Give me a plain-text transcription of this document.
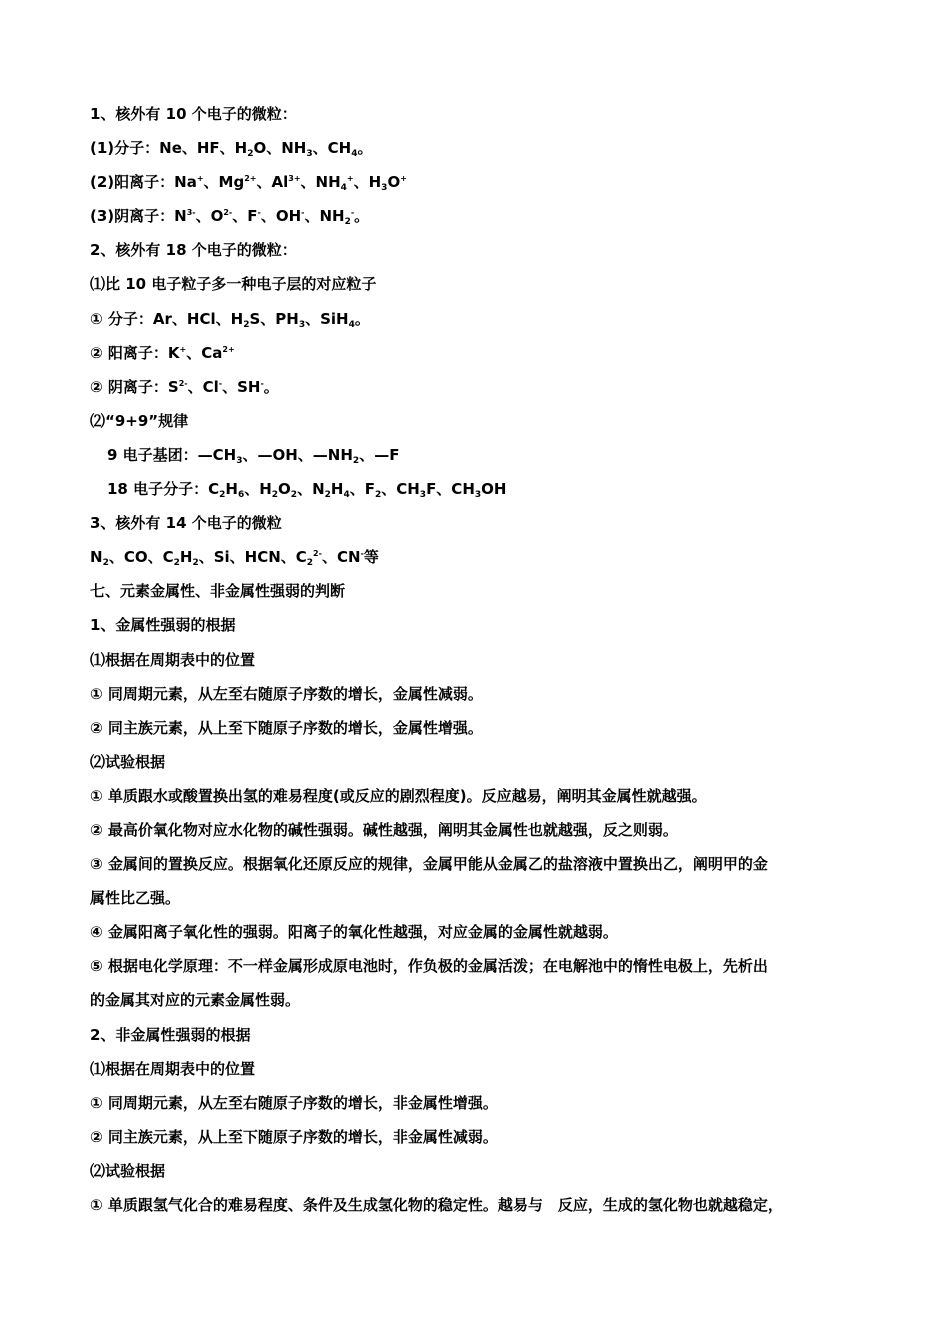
1、核外有 10 个电子的微粒：
(1)分子：Ne、HF、$H_2O$、$NH_3$、$CH_4$。
(2)阳离子：Na+、$Mg^{2+}$、$Al^{3+}$、$NH_4^+$、$H_3O^+$
(3)阴离子：$N^{3-}$、$O^{2-}$、F-、OH-、$NH_2^-$。
2、核外有 18 个电子的微粒：
⑴比 10 电子粒子多一种电子层的对应粒子
① 分子：Ar、HCl、$H_2S$、$PH_3$、SiH$_4$。
② 阳离子：K+、$Ca^{2+}$
② 阴离子：$S^{2-}$、Cl-、SH-。
⑵“9+9”规律
9 电子基团：$—CH_3$、—OH、$—NH_2$、—F
18 电子分子：$C_2H_6$、$H_2O_2$、$N_2H_4$、$F_2$、$CH_3F$、$CH_3OH$
3、核外有 14 个电子的微粒
$N_2$、CO、$C_2H_2$、Si、HCN、$C_2^{2-}$、CN-等
七、元素金属性、非金属性强弱的判断
1、金属性强弱的根据
⑴根据在周期表中的位置
① 同周期元素，从左至右随原子序数的增长，金属性减弱。
② 同主族元素，从上至下随原子序数的增长，金属性增强。
⑵试验根据
① 单质跟水或酸置换出氢的难易程度(或反应的剧烈程度)。反应越易，阐明其金属性就越强。
② 最高价氧化物对应水化物的碱性强弱。碱性越强，阐明其金属性也就越强，反之则弱。
③ 金属间的置换反应。根据氧化还原反应的规律，金属甲能从金属乙的盐溶液中置换出乙，阐明甲的金
属性比乙强。
④ 金属阳离子氧化性的强弱。阳离子的氧化性越强，对应金属的金属性就越弱。
⑤ 根据电化学原理：不一样金属形成原电池时，作负极的金属活泼；在电解池中的惰性电极上，先析出
的金属其对应的元素金属性弱。
2、非金属性强弱的根据
⑴根据在周期表中的位置
① 同周期元素，从左至右随原子序数的增长，非金属性增强。
② 同主族元素，从上至下随原子序数的增长，非金属性减弱。
⑵试验根据
① 单质跟氢气化合的难易程度、条件及生成氢化物的稳定性。越易与　反应，生成的氢化物也就越稳定，
